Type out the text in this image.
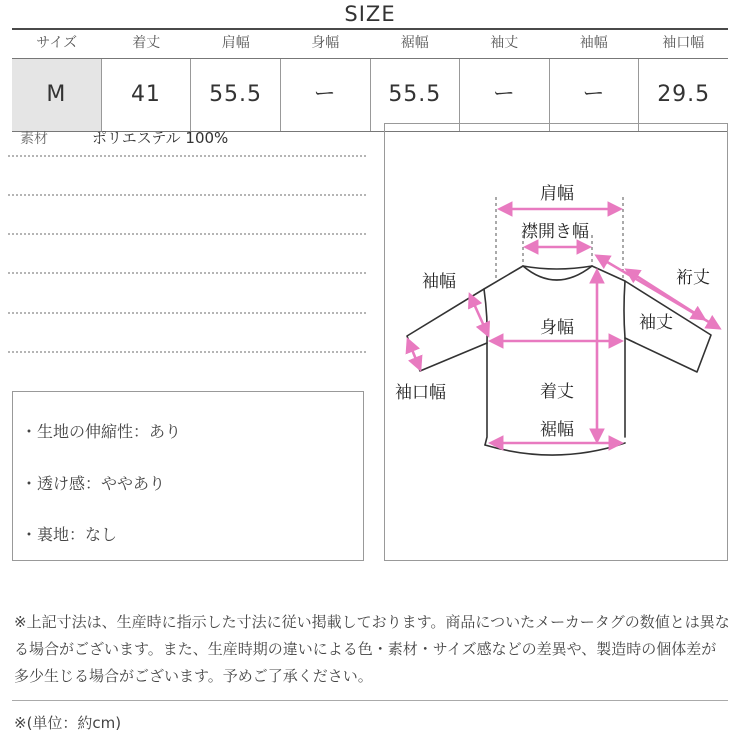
SIZE
サイズ	着丈	肩幅	身幅	裾幅	袖丈	袖幅	袖口幅
M	41	55.5	ー	55.5	ー	ー	29.5
素材	ポリエステル 100%
・生地の伸縮性：あり
・透け感：ややあり
・裏地：なし
肩幅
襟開き幅
裄丈
袖幅
袖丈
身幅
袖口幅	着丈
裾幅
※上記寸法は、生産時に指示した寸法に従い掲載しております。商品についたメーカータグの数値とは異なる場合がございます。また、生産時期の違いによる色・素材・サイズ感などの差異や、製造時の個体差が多少生じる場合がございます。予めご了承ください。
※(単位：約cm)
